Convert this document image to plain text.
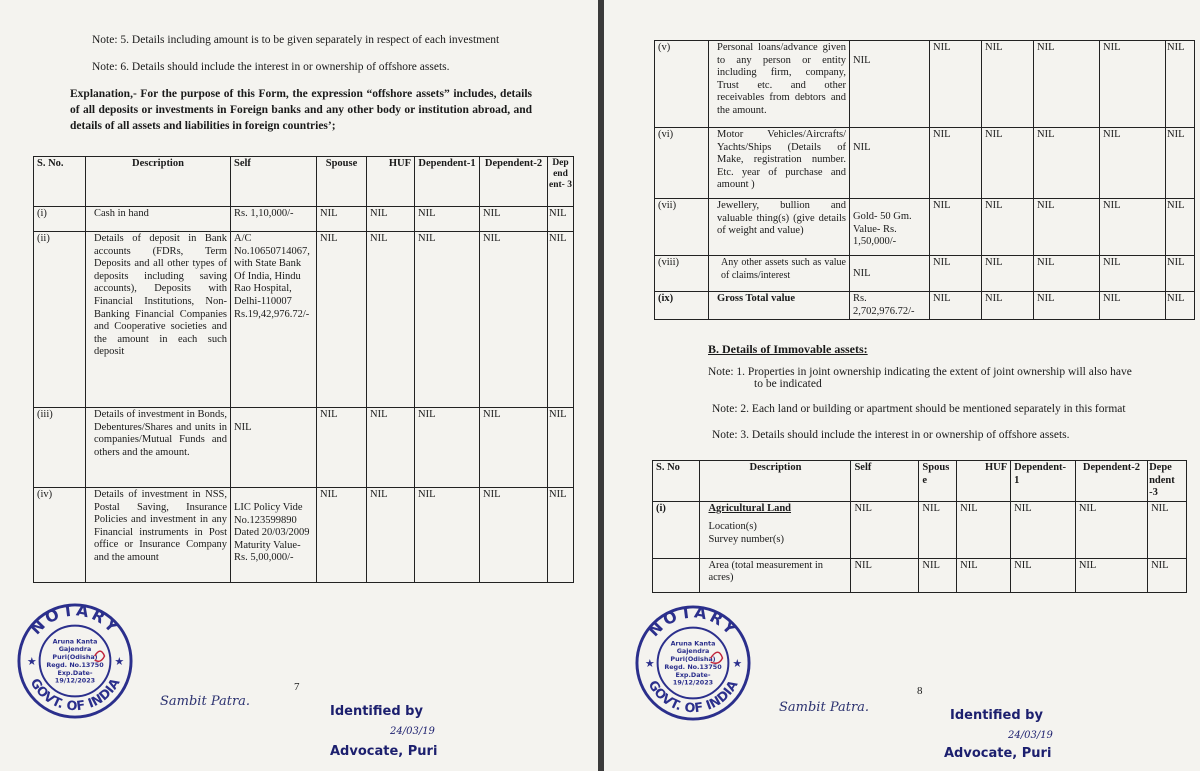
Note: 5. Details including amount is to be given separately in respect of each investment
Note: 6. Details should include the interest in or ownership of offshore assets.
Explanation,- For the purpose of this Form, the expression “offshore assets” includes, details of all deposits or investments in Foreign banks and any other body or institution abroad, and details of all assets and liabilities in foreign countries’;
S. No.	Description	Self	Spouse	HUF	Dependent-1	Dependent-2	Dep end ent- 3
(i)	Cash in hand	Rs. 1,10,000/-	NIL	NIL	NIL	NIL	NIL
(ii)	Details of deposit in Bank accounts (FDRs, Term Deposits and all other types of deposits including saving accounts), Deposits with Financial Institutions, Non-Banking Financial Companies and Cooperative societies and the amount in each such deposit	A/C No.10650714067, with State Bank Of India, Hindu Rao Hospital, Delhi-110007 Rs.19,42,976.72/-	NIL	NIL	NIL	NIL	NIL
(iii)	Details of investment in Bonds, Debentures/Shares and units in companies/Mutual Funds and others and the amount.	NIL	NIL	NIL	NIL	NIL	NIL
(iv)	Details of investment in NSS, Postal Saving, Insurance Policies and investment in any Financial instruments in Post office or Insurance Company and the amount	LIC Policy Vide No.123599890 Dated 20/03/2009 Maturity Value- Rs. 5,00,000/-	NIL	NIL	NIL	NIL	NIL
NOTARY
GOVT. OF INDIA
★	★
Aruna Kanta
Gajendra
Puri(Odisha)
Regd. No.13750
Exp.Date-
19/12/2023
Sambit Patra.
7
Identified by
24/03/19
Advocate, Puri
(v)	Personal loans/advance given to any person or entity including firm, company, Trust etc. and other receivables from debtors and the amount.	NIL	NIL	NIL	NIL	NIL	NIL
(vi)	Motor Vehicles/Aircrafts/ Yachts/Ships (Details of Make, registration number. Etc. year of purchase and amount )	NIL	NIL	NIL	NIL	NIL	NIL
(vii)	Jewellery, bullion and valuable thing(s) (give details of weight and value)	Gold- 50 Gm. Value- Rs. 1,50,000/-	NIL	NIL	NIL	NIL	NIL
(viii)	Any other assets such as value of claims/interest	NIL	NIL	NIL	NIL	NIL	NIL
(ix)	Gross Total value	Rs. 2,702,976.72/-	NIL	NIL	NIL	NIL	NIL
B. Details of Immovable assets:
Note: 1. Properties in joint ownership indicating the extent of joint ownership will also have
to be indicated
Note: 2. Each land or building or apartment should be mentioned separately in this format
Note: 3. Details should include the interest in or ownership of offshore assets.
S. No	Description	Self	Spous e	HUF	Dependent- 1	Dependent-2	Depe ndent -3
(i)	Agricultural Land
Location(s)
Survey number(s)	NIL	NIL	NIL	NIL	NIL	NIL
	Area (total measurement in acres)	NIL	NIL	NIL	NIL	NIL	NIL
NOTARY
GOVT. OF INDIA
★	★
Aruna Kanta
Gajendra
Puri(Odisha)
Regd. No.13750
Exp.Date-
19/12/2023
Sambit Patra.
8
Identified by
24/03/19
Advocate, Puri
